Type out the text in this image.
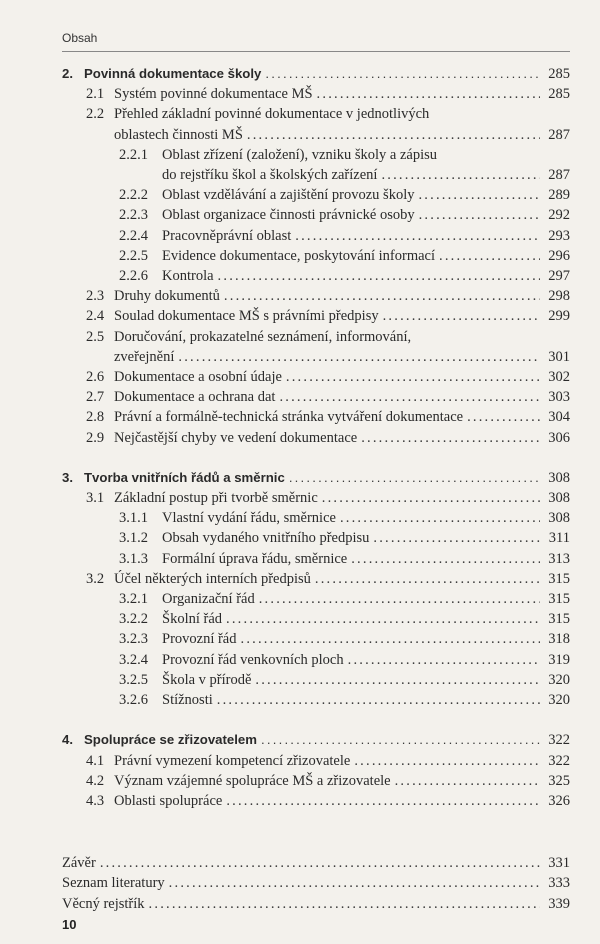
Obsah
2. Povinná dokumentace školy .....	285
2.1 Systém povinné dokumentace MŠ .....	285
2.2 Přehled základní povinné dokumentace v jednotlivých
oblastech činnosti MŠ .....	287
2.2.1 Oblast zřízení (založení), vzniku školy a zápisu
do rejstříku škol a školských zařízení .....	287
2.2.2 Oblast vzdělávání a zajištění provozu školy .....	289
2.2.3 Oblast organizace činnosti právnické osoby .....	292
2.2.4 Pracovněprávní oblast .....	293
2.2.5 Evidence dokumentace, poskytování informací .....	296
2.2.6 Kontrola .....	297
2.3 Druhy dokumentů .....	298
2.4 Soulad dokumentace MŠ s právními předpisy .....	299
2.5 Doručování, prokazatelné seznámení, informování,
zveřejnění .....	301
2.6 Dokumentace a osobní údaje .....	302
2.7 Dokumentace a ochrana dat .....	303
2.8 Právní a formálně-technická stránka vytváření dokumentace .....	304
2.9 Nejčastější chyby ve vedení dokumentace .....	306
3. Tvorba vnitřních řádů a směrnic .....	308
3.1 Základní postup při tvorbě směrnic .....	308
3.1.1 Vlastní vydání řádu, směrnice .....	308
3.1.2 Obsah vydaného vnitřního předpisu .....	311
3.1.3 Formální úprava řádu, směrnice .....	313
3.2 Účel některých interních předpisů .....	315
3.2.1 Organizační řád .....	315
3.2.2 Školní řád .....	315
3.2.3 Provozní řád .....	318
3.2.4 Provozní řád venkovních ploch .....	319
3.2.5 Škola v přírodě .....	320
3.2.6 Stížnosti .....	320
4. Spolupráce se zřizovatelem .....	322
4.1 Právní vymezení kompetencí zřizovatele .....	322
4.2 Význam vzájemné spolupráce MŠ a zřizovatele .....	325
4.3 Oblasti spolupráce .....	326
Závěr .....	331
Seznam literatury .....	333
Věcný rejstřík .....	339
10
